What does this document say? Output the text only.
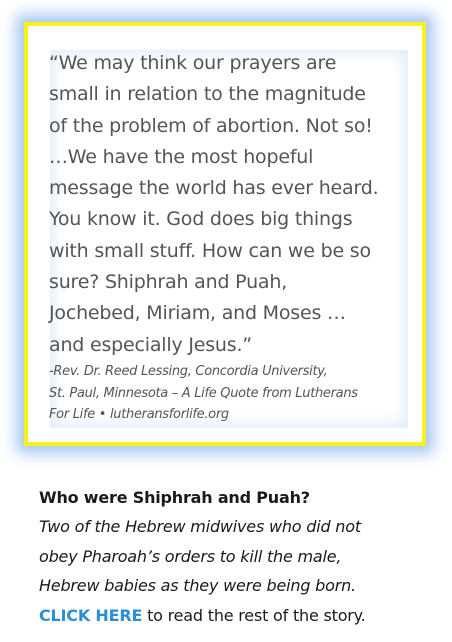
“We may think our prayers are
small in relation to the magnitude
of the problem of abortion. Not so!
…We have the most hopeful
message the world has ever heard.
You know it. God does big things
with small stuff. How can we be so
sure? Shiphrah and Puah,
Jochebed, Miriam, and Moses …
and especially Jesus.”

-Rev. Dr. Reed Lessing, Concordia University,
St. Paul, Minnesota – A Life Quote from Lutherans
For Life • lutheransforlife.org

Who were Shiphrah and Puah?
Two of the Hebrew midwives who did not
obey Pharoah’s orders to kill the male,
Hebrew babies as they were being born.
CLICK HERE to read the rest of the story.
